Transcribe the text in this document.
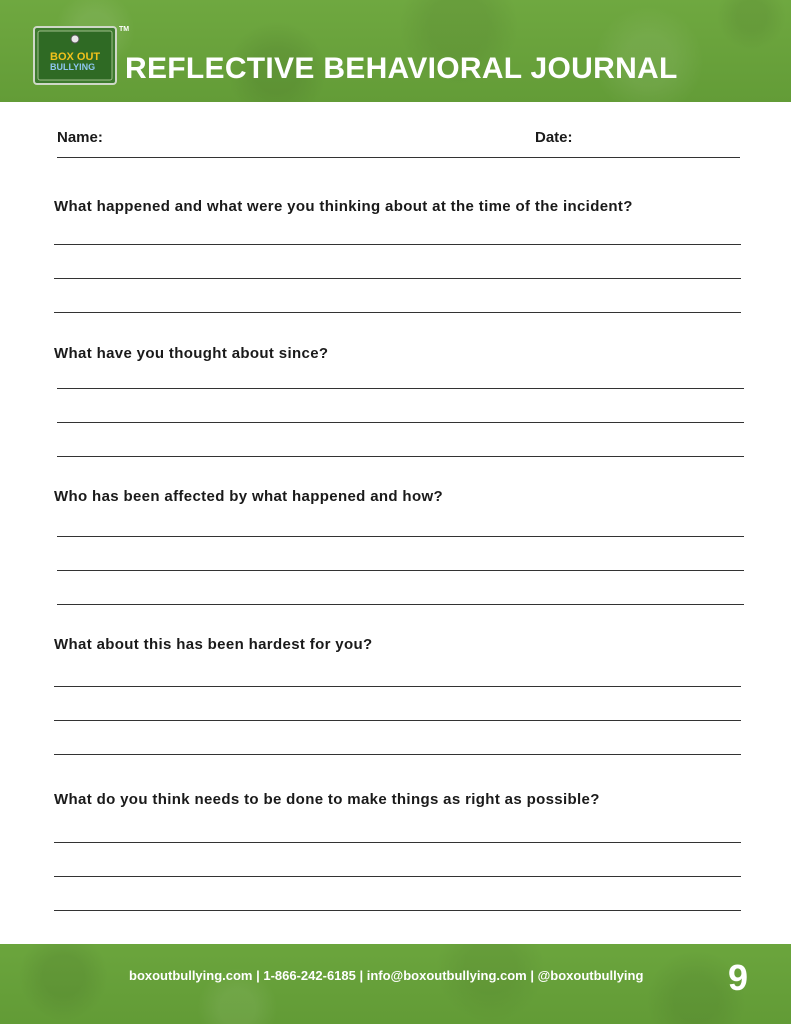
BOX OUT
BULLYING
TM
REFLECTIVE BEHAVIORAL JOURNAL
Name:	Date:
What happened and what were you thinking about at the time of the incident?
What have you thought about since?
Who has been affected by what happened and how?
What about this has been hardest for you?
What do you think needs to be done to make things as right as possible?
boxoutbullying.com | 1-866-242-6185 | info@boxoutbullying.com | @boxoutbullying 9
